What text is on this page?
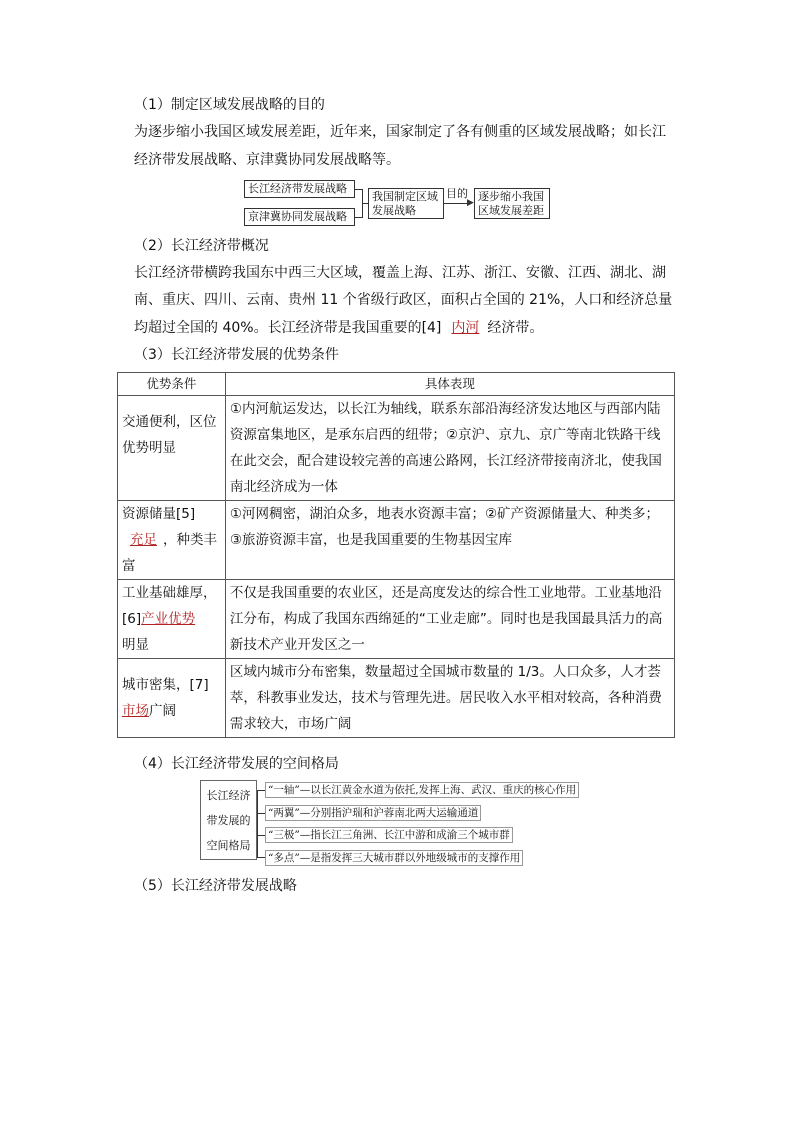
（1）制定区域发展战略的目的
为逐步缩小我国区域发展差距，近年来，国家制定了各有侧重的区域发展战略；如长江
经济带发展战略、京津冀协同发展战略等。
长江经济带发展战略
京津冀协同发展战略
我国制定区域发展战略
目的
▶ 逐步缩小我国区域发展差距
（2）长江经济带概况
长江经济带横跨我国东中西三大区域，覆盖上海、江苏、浙江、安徽、江西、湖北、湖
南、重庆、四川、云南、贵州 11 个省级行政区，面积占全国的 21%，人口和经济总量
均超过全国的 40%。长江经济带是我国重要的[4] 内河 经济带。
（3）长江经济带发展的优势条件
优势条件	具体表现
交通便利，区位优势明显	①内河航运发达，以长江为轴线，联系东部沿海经济发达地区与西部内陆资源富集地区，是承东启西的纽带；②京沪、京九、京广等南北铁路干线在此交会，配合建设较完善的高速公路网，长江经济带接南济北，使我国南北经济成为一体
资源储量[5]
充足 ，种类丰富	①河网稠密，湖泊众多，地表水资源丰富；②矿产资源储量大、种类多；③旅游资源丰富，也是我国重要的生物基因宝库
工业基础雄厚，[6]产业优势
明显	不仅是我国重要的农业区，还是高度发达的综合性工业地带。工业基地沿江分布，构成了我国东西绵延的“工业走廊”。同时也是我国最具活力的高新技术产业开发区之一
城市密集，[7]
市场广阔	区域内城市分布密集，数量超过全国城市数量的 1/3。人口众多，人才荟萃，科教事业发达，技术与管理先进。居民收入水平相对较高，各种消费需求较大，市场广阔
（4）长江经济带发展的空间格局
长江经济带发展的空间格局
“一轴”—以长江黄金水道为依托,发挥上海、武汉、重庆的核心作用
“两翼”—分别指沪瑞和沪蓉南北两大运输通道
“三极”—指长江三角洲、长江中游和成渝三个城市群
“多点”—是指发挥三大城市群以外地级城市的支撑作用
（5）长江经济带发展战略
